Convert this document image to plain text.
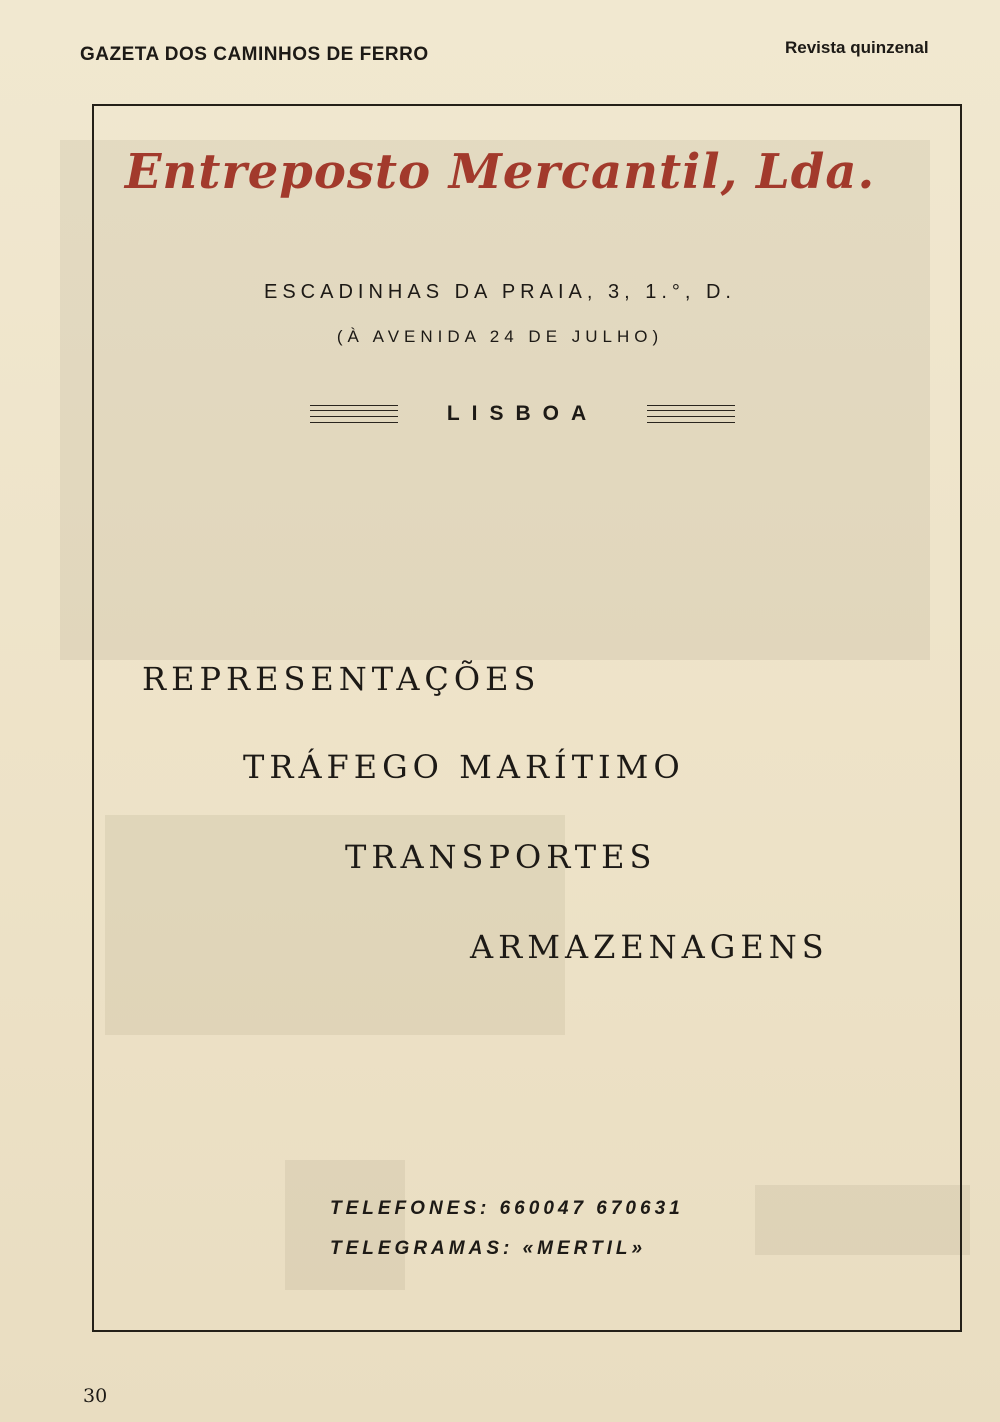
GAZETA DOS CAMINHOS DE FERRO	Revista quinzenal
Entreposto Mercantil, Lda.
ESCADINHAS DA PRAIA, 3, 1.°, D.
(À AVENIDA 24 DE JULHO)
LISBOA
REPRESENTAÇÕES
TRÁFEGO MARÍTIMO
TRANSPORTES
ARMAZENAGENS
TELEFONES: 660047 670631
TELEGRAMAS: «MERTIL»
30
